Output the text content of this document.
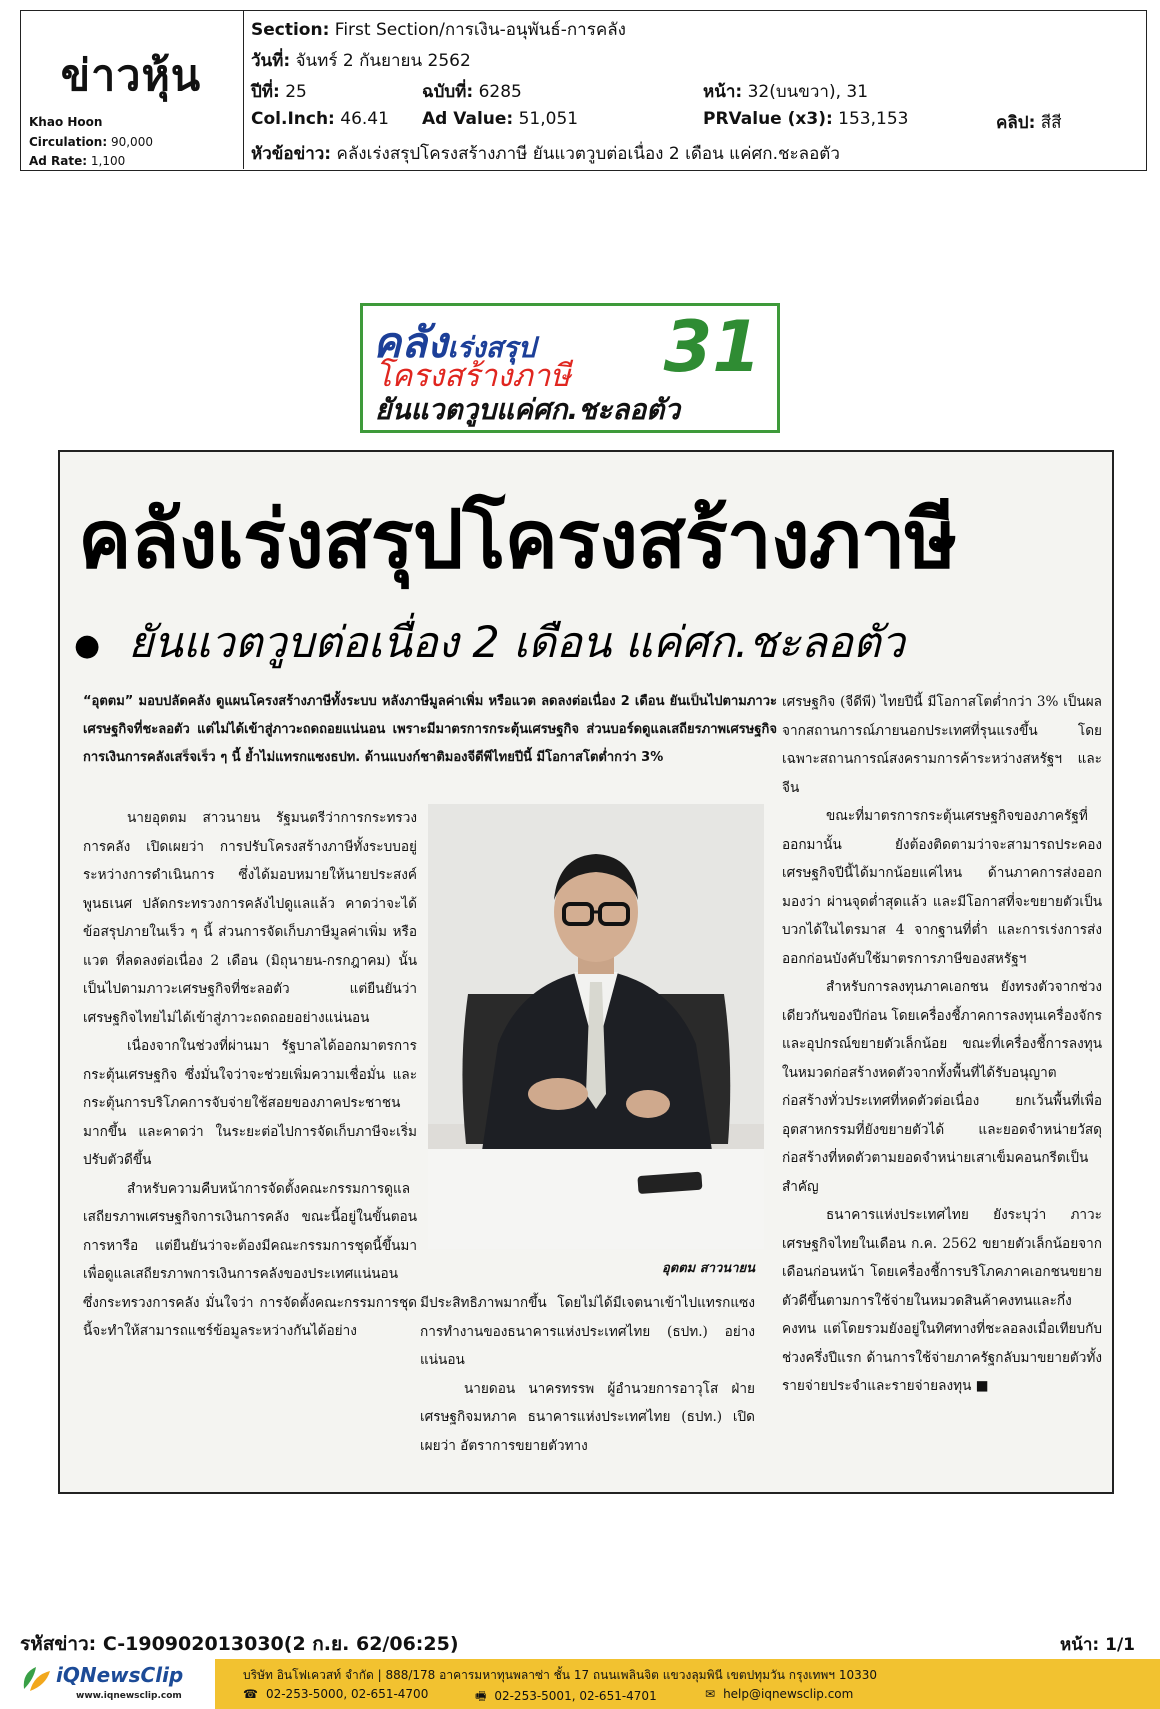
ข่าวหุ้น
Khao Hoon
Circulation: 90,000
Ad Rate: 1,100
Section: First Section/การเงิน-อนุพันธ์-การคลัง
วันที่: จันทร์ 2 กันยายน 2562
ปีที่: 25	ฉบับที่: 6285	หน้า: 32(บนขวา), 31
Col.Inch: 46.41 Ad Value: 51,051	PRValue (x3): 153,153	คลิป: สีสี
หัวข้อข่าว: คลังเร่งสรุปโครงสร้างภาษี ยันแวตวูบต่อเนื่อง 2 เดือน แค่ศก.ชะลอตัว
คลังเร่งสรุป
โครงสร้างภาษี
ยันแวตวูบแค่ศก.ชะลอตัว
31
คลังเร่งสรุปโครงสร้างภาษี
● ยันแวตวูบต่อเนื่อง 2 เดือน แค่ศก.ชะลอตัว
“อุตตม” มอบปลัดคลัง ดูแผนโครงสร้างภาษีทั้งระบบ หลังภาษีมูลค่าเพิ่ม หรือแวต ลดลงต่อเนื่อง 2 เดือน ยันเป็นไปตามภาวะเศรษฐกิจที่ชะลอตัว แต่ไม่ได้เข้าสู่ภาวะถดถอยแน่นอน เพราะมีมาตรการกระตุ้นเศรษฐกิจ ส่วนบอร์ดดูแลเสถียรภาพเศรษฐกิจการเงินการคลังเสร็จเร็ว ๆ นี้ ย้ำไม่แทรกแซงธปท. ด้านแบงก์ชาติมองจีดีพีไทยปีนี้ มีโอกาสโตต่ำกว่า 3%

นายอุตตม สาวนายน รัฐมนตรีว่าการกระทรวงการคลัง เปิดเผยว่า การปรับโครงสร้างภาษีทั้งระบบอยู่ระหว่างการดำเนินการ ซึ่งได้มอบหมายให้นายประสงค์ พูนธเนศ ปลัดกระทรวงการคลังไปดูแลแล้ว คาดว่าจะได้ข้อสรุปภายในเร็ว ๆ นี้ ส่วนการจัดเก็บภาษีมูลค่าเพิ่ม หรือแวต ที่ลดลงต่อเนื่อง 2 เดือน (มิถุนายน-กรกฎาคม) นั้น เป็นไปตามภาวะเศรษฐกิจที่ชะลอตัว แต่ยืนยันว่า เศรษฐกิจไทยไม่ได้เข้าสู่ภาวะถดถอยอย่างแน่นอน

เนื่องจากในช่วงที่ผ่านมา รัฐบาลได้ออกมาตรการกระตุ้นเศรษฐกิจ ซึ่งมั่นใจว่าจะช่วยเพิ่มความเชื่อมั่น และกระตุ้นการบริโภคการจับจ่ายใช้สอยของภาคประชาชนมากขึ้น และคาดว่า ในระยะต่อไปการจัดเก็บภาษีจะเริ่มปรับตัวดีขึ้น

สำหรับความคืบหน้าการจัดตั้งคณะกรรมการดูแลเสถียรภาพเศรษฐกิจการเงินการคลัง ขณะนี้อยู่ในขั้นตอนการหารือ แต่ยืนยันว่าจะต้องมีคณะกรรมการชุดนี้ขึ้นมาเพื่อดูแลเสถียรภาพการเงินการคลังของประเทศแน่นอน ซึ่งกระทรวงการคลัง มั่นใจว่า การจัดตั้งคณะกรรมการชุดนี้จะทำให้สามารถแชร์ข้อมูลระหว่างกันได้อย่าง

อุตตม สาวนายน

มีประสิทธิภาพมากขึ้น โดยไม่ได้มีเจตนาเข้าไปแทรกแซงการทำงานของธนาคารแห่งประเทศไทย (ธปท.) อย่างแน่นอน

นายดอน นาครทรรพ ผู้อำนวยการอาวุโส ฝ่ายเศรษฐกิจมหภาค ธนาคารแห่งประเทศไทย (ธปท.) เปิดเผยว่า อัตราการขยายตัวทาง

เศรษฐกิจ (จีดีพี) ไทยปีนี้ มีโอกาสโตต่ำกว่า 3% เป็นผลจากสถานการณ์ภายนอกประเทศที่รุนแรงขึ้น โดยเฉพาะสถานการณ์สงครามการค้าระหว่างสหรัฐฯ และจีน

ขณะที่มาตรการกระตุ้นเศรษฐกิจของภาครัฐที่ออกมานั้น ยังต้องติดตามว่าจะสามารถประคองเศรษฐกิจปีนี้ได้มากน้อยแค่ไหน ด้านภาคการส่งออกมองว่า ผ่านจุดต่ำสุดแล้ว และมีโอกาสที่จะขยายตัวเป็นบวกได้ในไตรมาส 4 จากฐานที่ต่ำ และการเร่งการส่งออกก่อนบังคับใช้มาตรการภาษีของสหรัฐฯ

สำหรับการลงทุนภาคเอกชน ยังทรงตัวจากช่วงเดียวกันของปีก่อน โดยเครื่องชี้ภาคการลงทุนเครื่องจักรและอุปกรณ์ขยายตัวเล็กน้อย ขณะที่เครื่องชี้การลงทุนในหมวดก่อสร้างหดตัวจากทั้งพื้นที่ได้รับอนุญาตก่อสร้างทั่วประเทศที่หดตัวต่อเนื่อง ยกเว้นพื้นที่เพื่ออุตสาหกรรมที่ยังขยายตัวได้ และยอดจำหน่ายวัสดุก่อสร้างที่หดตัวตามยอดจำหน่ายเสาเข็มคอนกรีตเป็นสำคัญ

ธนาคารแห่งประเทศไทย ยังระบุว่า ภาวะเศรษฐกิจไทยในเดือน ก.ค. 2562 ขยายตัวเล็กน้อยจากเดือนก่อนหน้า โดยเครื่องชี้การบริโภคภาคเอกชนขยายตัวดีขึ้นตามการใช้จ่ายในหมวดสินค้าคงทนและกึ่งคงทน แต่โดยรวมยังอยู่ในทิศทางที่ชะลอลงเมื่อเทียบกับช่วงครึ่งปีแรก ด้านการใช้จ่ายภาครัฐกลับมาขยายตัวทั้งรายจ่ายประจำและรายจ่ายลงทุน ■

รหัสข่าว: C-190902013030(2 ก.ย. 62/06:25)	หน้า: 1/1
iQNewsClip
www.iqnewsclip.com
บริษัท อินโฟเควสท์ จำกัด | 888/178 อาคารมหาทุนพลาซ่า ชั้น 17 ถนนเพลินจิต แขวงลุมพินี เขตปทุมวัน กรุงเทพฯ 10330
☎ 02-253-5000, 02-651-4700	🖷 02-253-5001, 02-651-4701	✉ help@iqnewsclip.com
